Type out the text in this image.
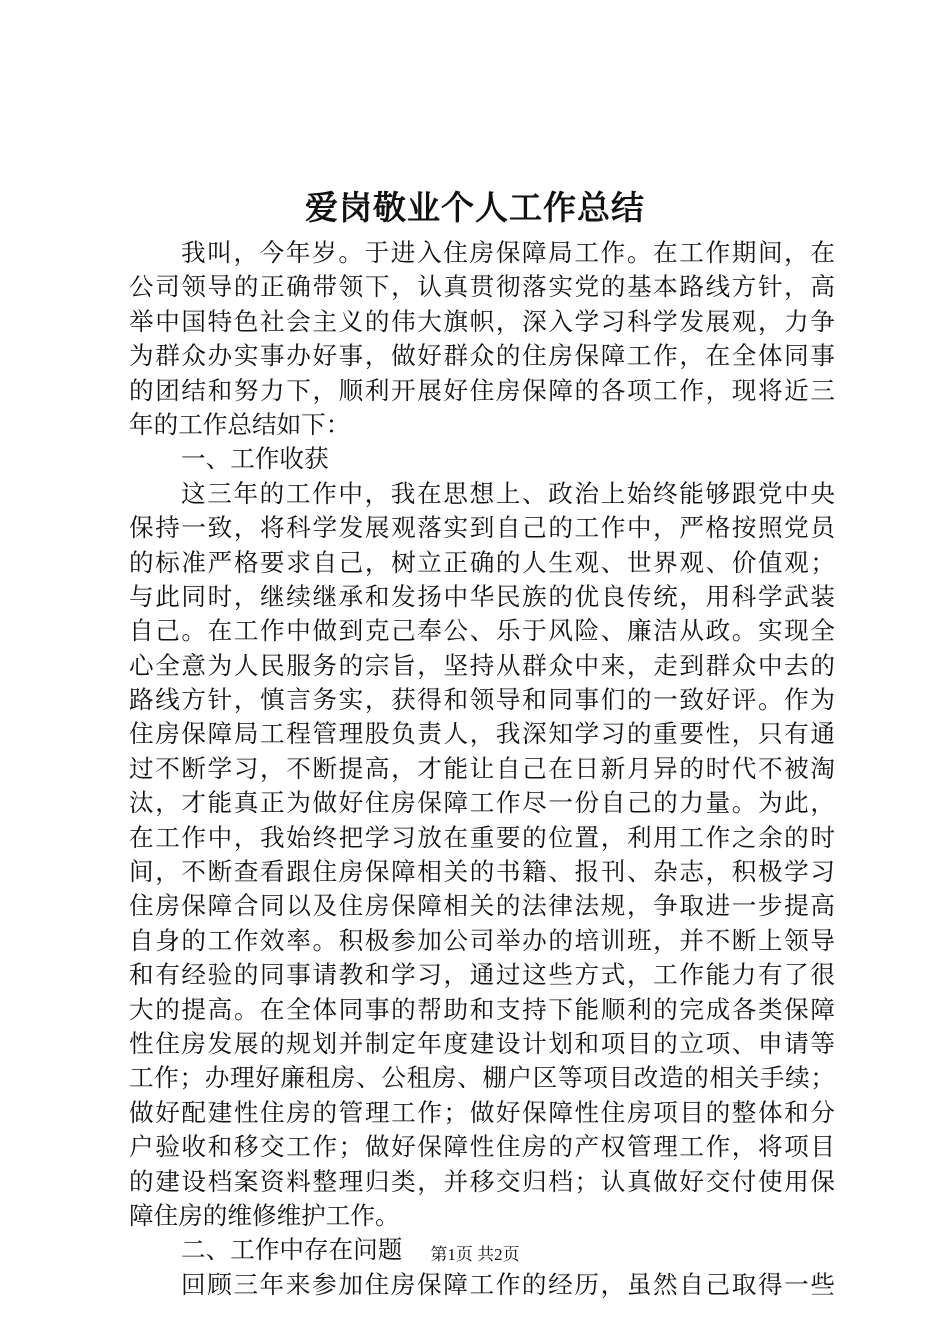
爱岗敬业个人工作总结
我叫，今年岁。于进入住房保障局工作。在工作期间，在
公司领导的正确带领下，认真贯彻落实党的基本路线方针，高
举中国特色社会主义的伟大旗帜，深入学习科学发展观，力争
为群众办实事办好事，做好群众的住房保障工作，在全体同事
的团结和努力下，顺利开展好住房保障的各项工作，现将近三
年的工作总结如下：
一、工作收获
这三年的工作中，我在思想上、政治上始终能够跟党中央
保持一致，将科学发展观落实到自己的工作中，严格按照党员
的标准严格要求自己，树立正确的人生观、世界观、价值观；
与此同时，继续继承和发扬中华民族的优良传统，用科学武装
自己。在工作中做到克己奉公、乐于风险、廉洁从政。实现全
心全意为人民服务的宗旨，坚持从群众中来，走到群众中去的
路线方针，慎言务实，获得和领导和同事们的一致好评。作为
住房保障局工程管理股负责人，我深知学习的重要性，只有通
过不断学习，不断提高，才能让自己在日新月异的时代不被淘
汰，才能真正为做好住房保障工作尽一份自己的力量。为此，
在工作中，我始终把学习放在重要的位置，利用工作之余的时
间，不断查看跟住房保障相关的书籍、报刊、杂志，积极学习
住房保障合同以及住房保障相关的法律法规，争取进一步提高
自身的工作效率。积极参加公司举办的培训班，并不断上领导
和有经验的同事请教和学习，通过这些方式，工作能力有了很
大的提高。在全体同事的帮助和支持下能顺利的完成各类保障
性住房发展的规划并制定年度建设计划和项目的立项、申请等
工作；办理好廉租房、公租房、棚户区等项目改造的相关手续；
做好配建性住房的管理工作；做好保障性住房项目的整体和分
户验收和移交工作；做好保障性住房的产权管理工作，将项目
的建设档案资料整理归类，并移交归档；认真做好交付使用保
障住房的维修维护工作。
二、工作中存在问题
回顾三年来参加住房保障工作的经历，虽然自己取得一些
第1页 共2页
